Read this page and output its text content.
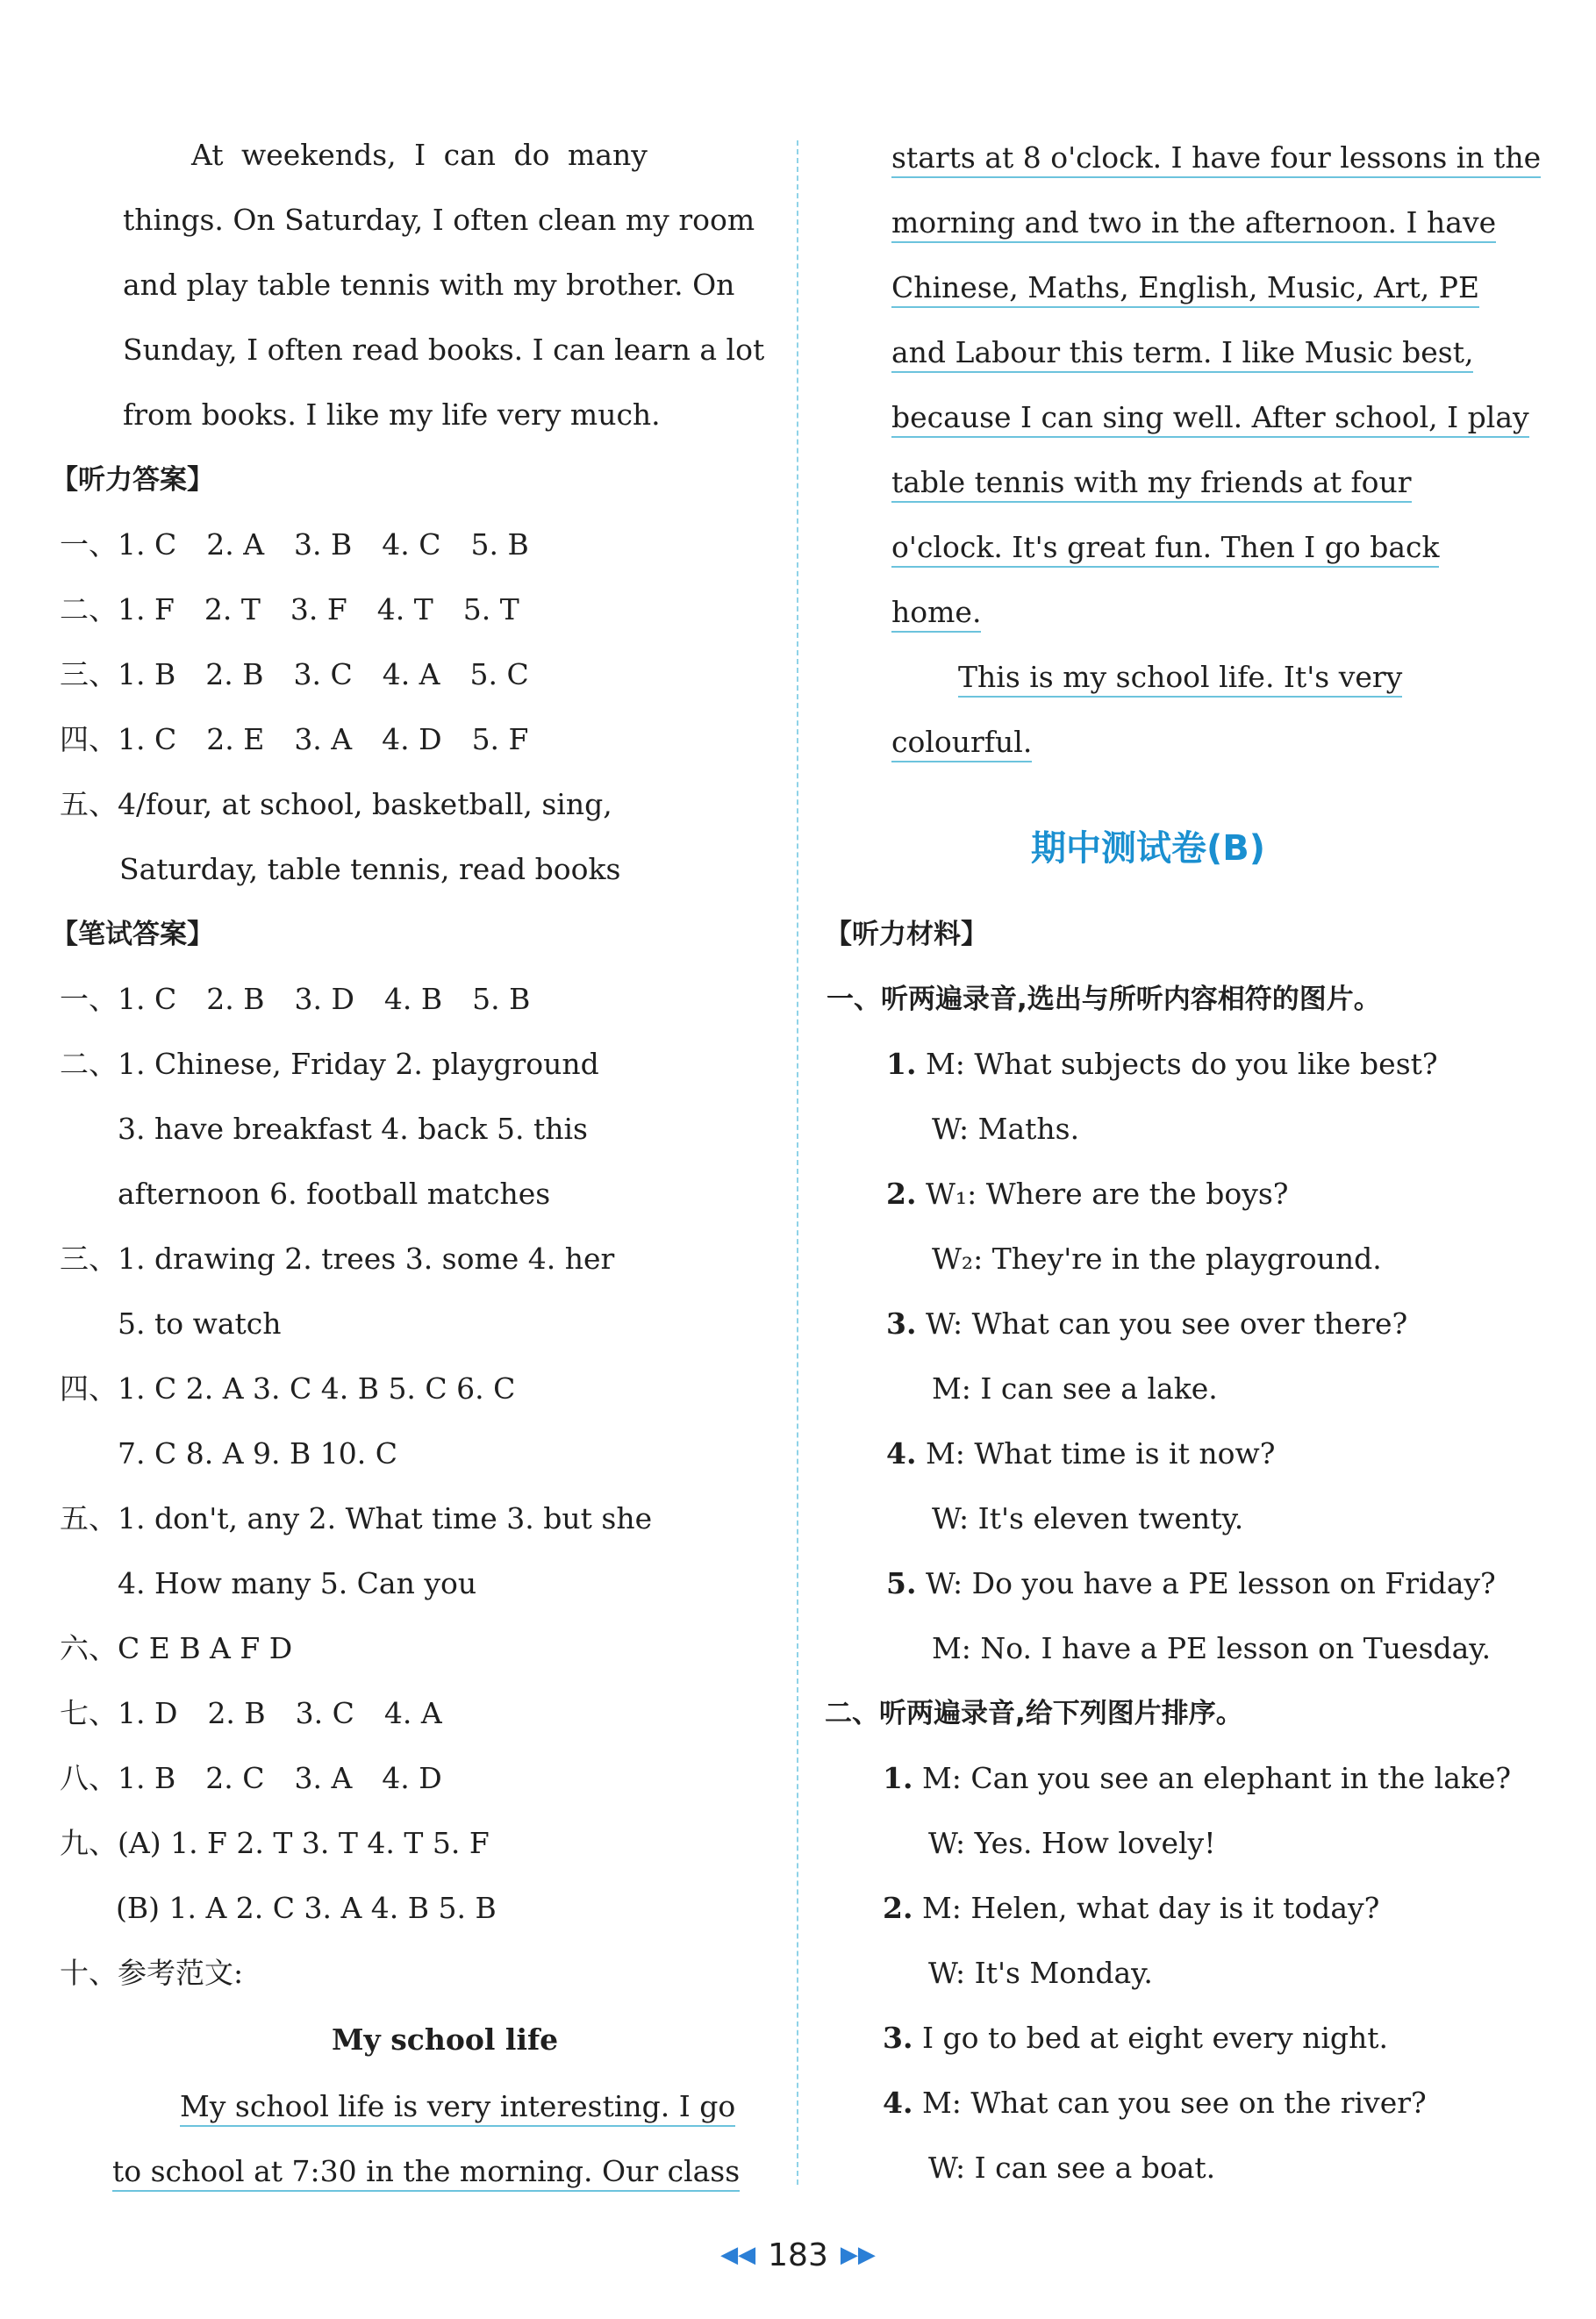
At weekends, I can do many
things. On Saturday, I often clean my room
and play table tennis with my brother. On
Sunday, I often read books. I can learn a lot
from books. I like my life very much.
【听力答案】
一、1. C 2. A 3. B 4. C 5. B
二、1. F 2. T 3. F 4. T 5. T
三、1. B 2. B 3. C 4. A 5. C
四、1. C 2. E 3. A 4. D 5. F
五、4/four, at school, basketball, sing,
Saturday, table tennis, read books
【笔试答案】
一、1. C 2. B 3. D 4. B 5. B
二、1. Chinese, Friday 2. playground
3. have breakfast 4. back 5. this
afternoon 6. football matches
三、1. drawing 2. trees 3. some 4. her
5. to watch
四、1. C 2. A 3. C 4. B 5. C 6. C
7. C 8. A 9. B 10. C
五、1. don't, any 2. What time 3. but she
4. How many 5. Can you
六、C E B A F D
七、1. D 2. B 3. C 4. A
八、1. B 2. C 3. A 4. D
九、(A) 1. F 2. T 3. T 4. T 5. F
(B) 1. A 2. C 3. A 4. B 5. B
十、参考范文:
My school life
My school life is very interesting. I go
to school at 7:30 in the morning. Our class
starts at 8 o'clock. I have four lessons in the
morning and two in the afternoon. I have
Chinese, Maths, English, Music, Art, PE
and Labour this term. I like Music best,
because I can sing well. After school, I play
table tennis with my friends at four
o'clock. It's great fun. Then I go back
home.
This is my school life. It's very
colourful.
期中测试卷(B)
【听力材料】
一、听两遍录音,选出与所听内容相符的图片。
1. M: What subjects do you like best?
W: Maths.
2. W₁: Where are the boys?
W₂: They're in the playground.
3. W: What can you see over there?
M: I can see a lake.
4. M: What time is it now?
W: It's eleven twenty.
5. W: Do you have a PE lesson on Friday?
M: No. I have a PE lesson on Tuesday.
二、听两遍录音,给下列图片排序。
1. M: Can you see an elephant in the lake?
W: Yes. How lovely!
2. M: Helen, what day is it today?
W: It's Monday.
3. I go to bed at eight every night.
4. M: What can you see on the river?
W: I can see a boat.
◀◀ 183 ▶▶
